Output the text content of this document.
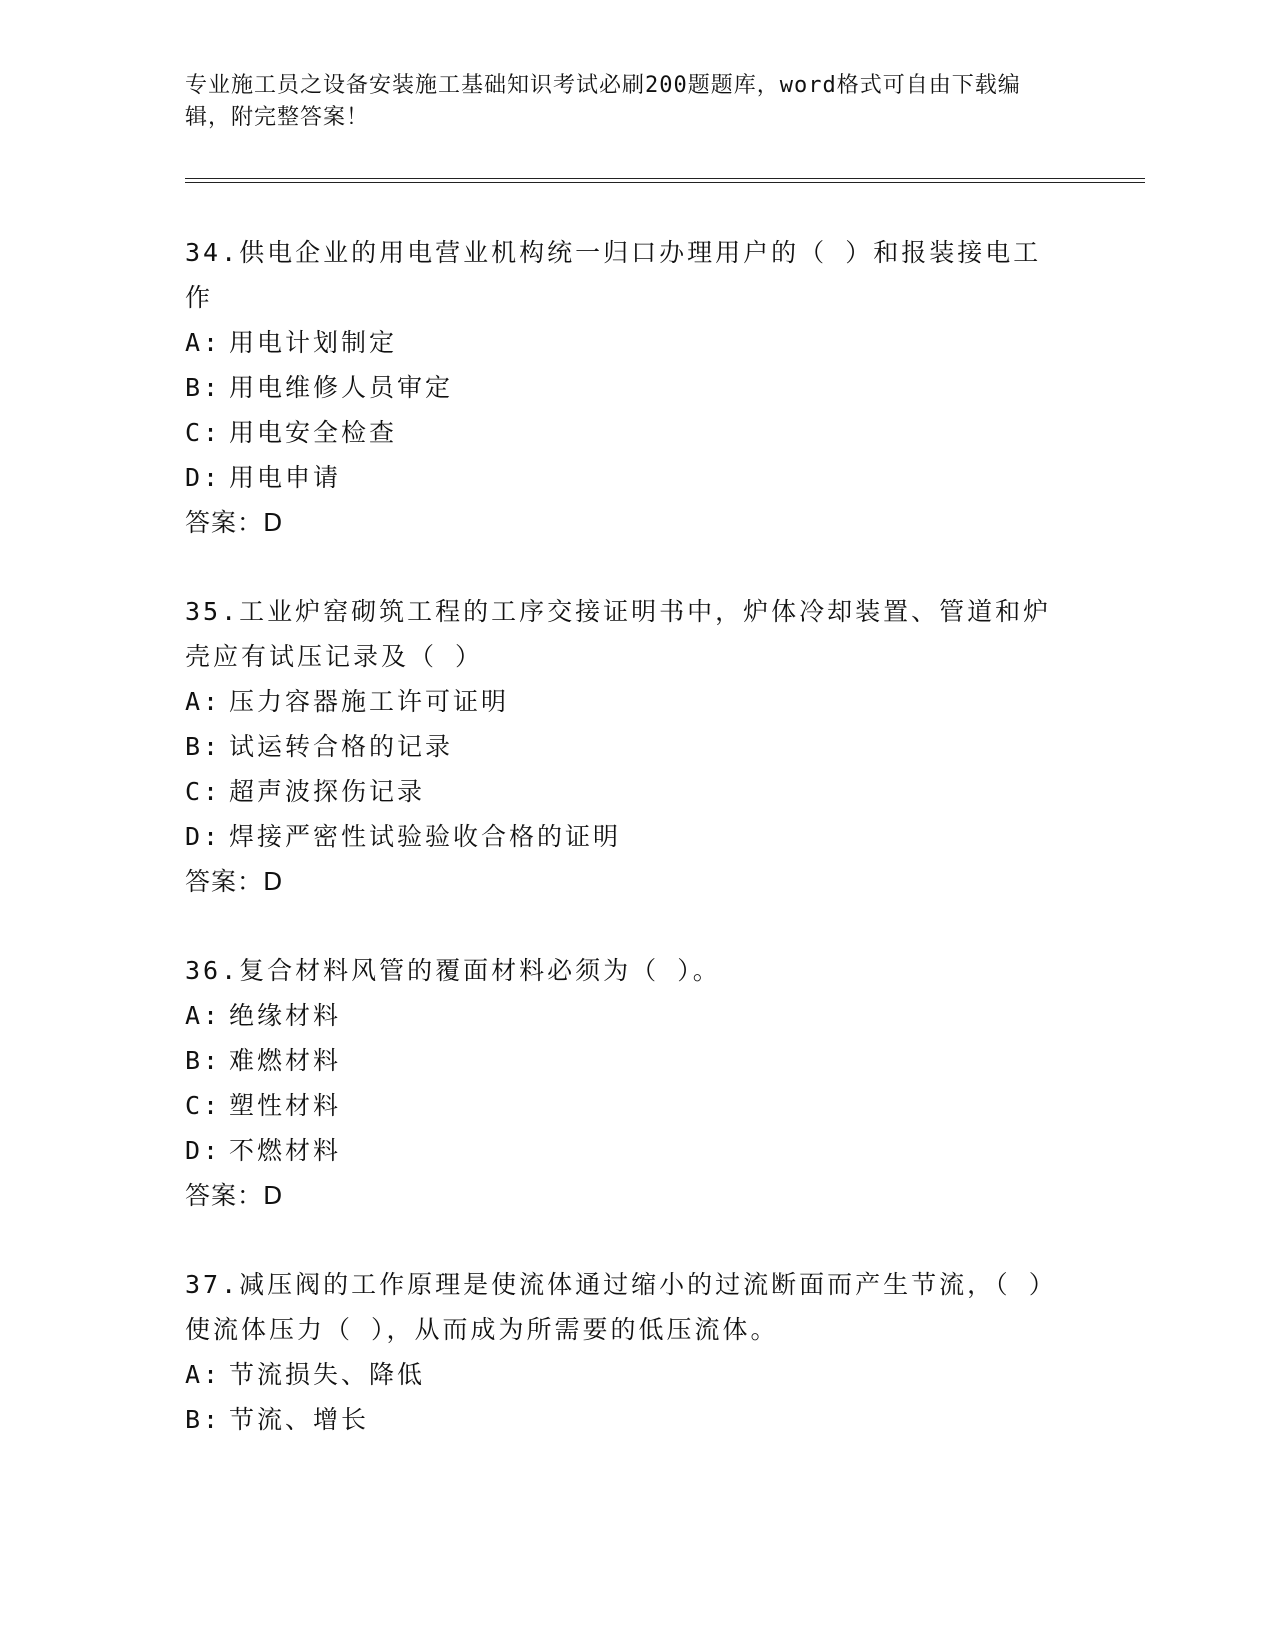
专业施工员之设备安装施工基础知识考试必刷200题题库，word格式可自由下载编辑，附完整答案！
34.供电企业的用电营业机构统一归口办理用户的（ ）和报装接电工作
A: 用电计划制定
B: 用电维修人员审定
C: 用电安全检查
D: 用电申请
答案：D
35.工业炉窑砌筑工程的工序交接证明书中，炉体冷却装置、管道和炉壳应有试压记录及（ ）
A: 压力容器施工许可证明
B: 试运转合格的记录
C: 超声波探伤记录
D: 焊接严密性试验验收合格的证明
答案：D
36.复合材料风管的覆面材料必须为（ ）。
A: 绝缘材料
B: 难燃材料
C: 塑性材料
D: 不燃材料
答案：D
37.减压阀的工作原理是使流体通过缩小的过流断面而产生节流，（ ）使流体压力（ ），从而成为所需要的低压流体。
A: 节流损失、降低
B: 节流、增长
